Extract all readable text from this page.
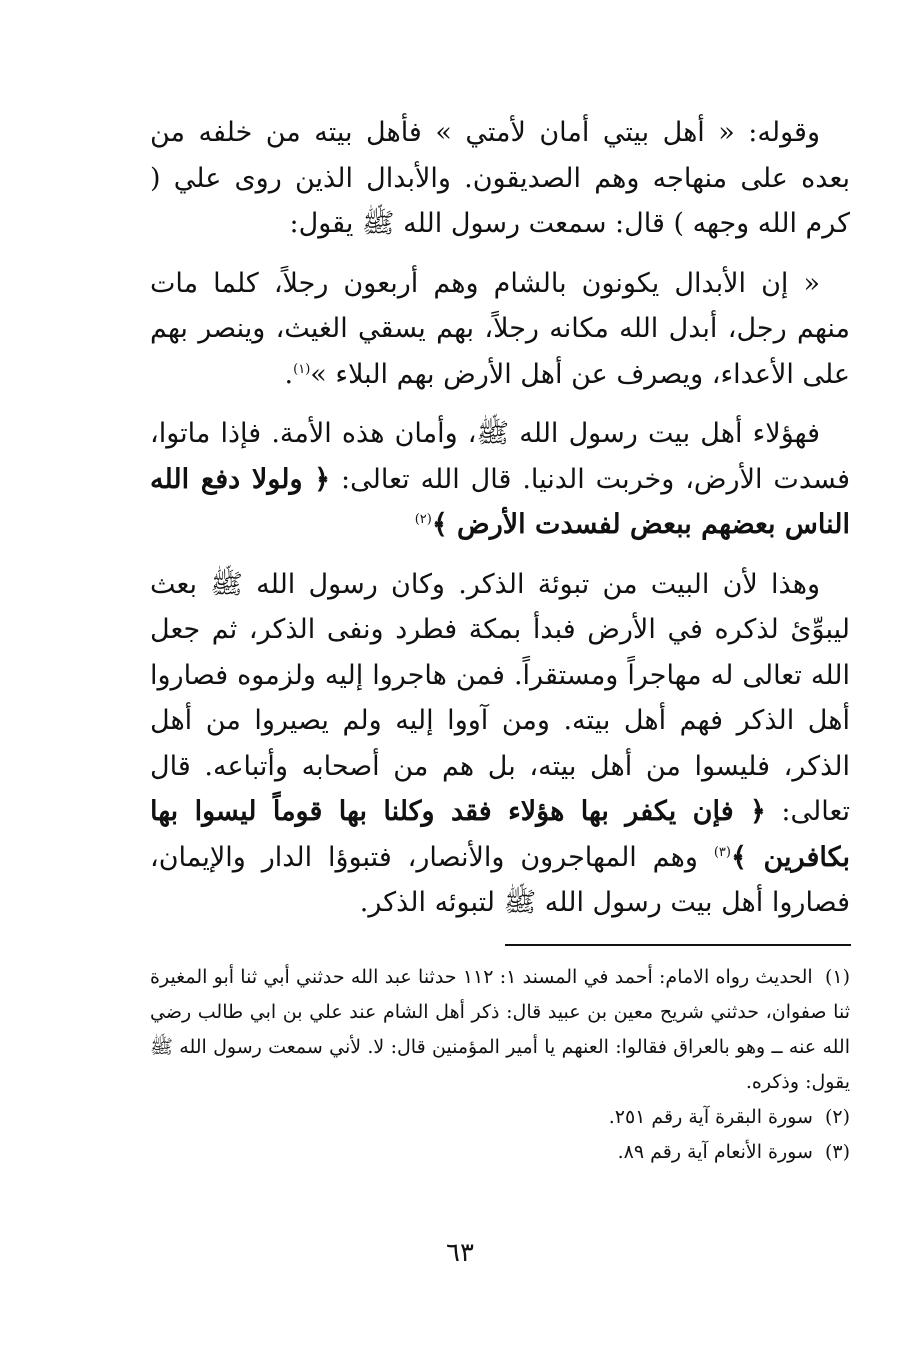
وقوله: « أهل بيتي أمان لأمتي » فأهل بيته من خلفه من بعده على منهاجه وهم الصديقون. والأبدال الذين روى علي ( كرم الله وجهه ) قال: سمعت رسول الله ﷺ يقول:

« إن الأبدال يكونون بالشام وهم أربعون رجلاً، كلما مات منهم رجل، أبدل الله مكانه رجلاً، بهم يسقي الغيث، وينصر بهم على الأعداء، ويصرف عن أهل الأرض بهم البلاء »$^{(١)}$.

فهؤلاء أهل بيت رسول الله ﷺ، وأمان هذه الأمة. فإذا ماتوا، فسدت الأرض، وخربت الدنيا. قال الله تعالى: ﴿ ولولا دفع الله الناس بعضهم ببعض لفسدت الأرض ﴾$^{(٢)}$

وهذا لأن البيت من تبوئة الذكر. وكان رسول الله ﷺ بعث ليبوِّئ لذكره في الأرض فبدأ بمكة فطرد ونفى الذكر، ثم جعل الله تعالى له مهاجراً ومستقراً. فمن هاجروا إليه ولزموه فصاروا أهل الذكر فهم أهل بيته. ومن آووا إليه ولم يصيروا من أهل الذكر، فليسوا من أهل بيته، بل هم من أصحابه وأتباعه. قال تعالى: ﴿ فإن يكفر بها هؤلاء فقد وكلنا بها قوماً ليسوا بها بكافرين ﴾$^{(٣)}$ وهم المهاجرون والأنصار، فتبوؤا الدار والإيمان، فصاروا أهل بيت رسول الله ﷺ لتبوئه الذكر.

(١) الحديث رواه الامام: أحمد في المسند ١: ١١٢ حدثنا عبد الله حدثني أبي ثنا أبو المغيرة ثنا صفوان، حدثني شريح معين بن عبيد قال: ذكر أهل الشام عند علي بن ابي طالب رضي الله عنه ــ وهو بالعراق فقالوا: العنهم يا أمير المؤمنين قال: لا. لأني سمعت رسول الله ﷺ يقول: وذكره.

(٢) سورة البقرة آية رقم ٢٥١.

(٣) سورة الأنعام آية رقم ٨٩.

٦٣
